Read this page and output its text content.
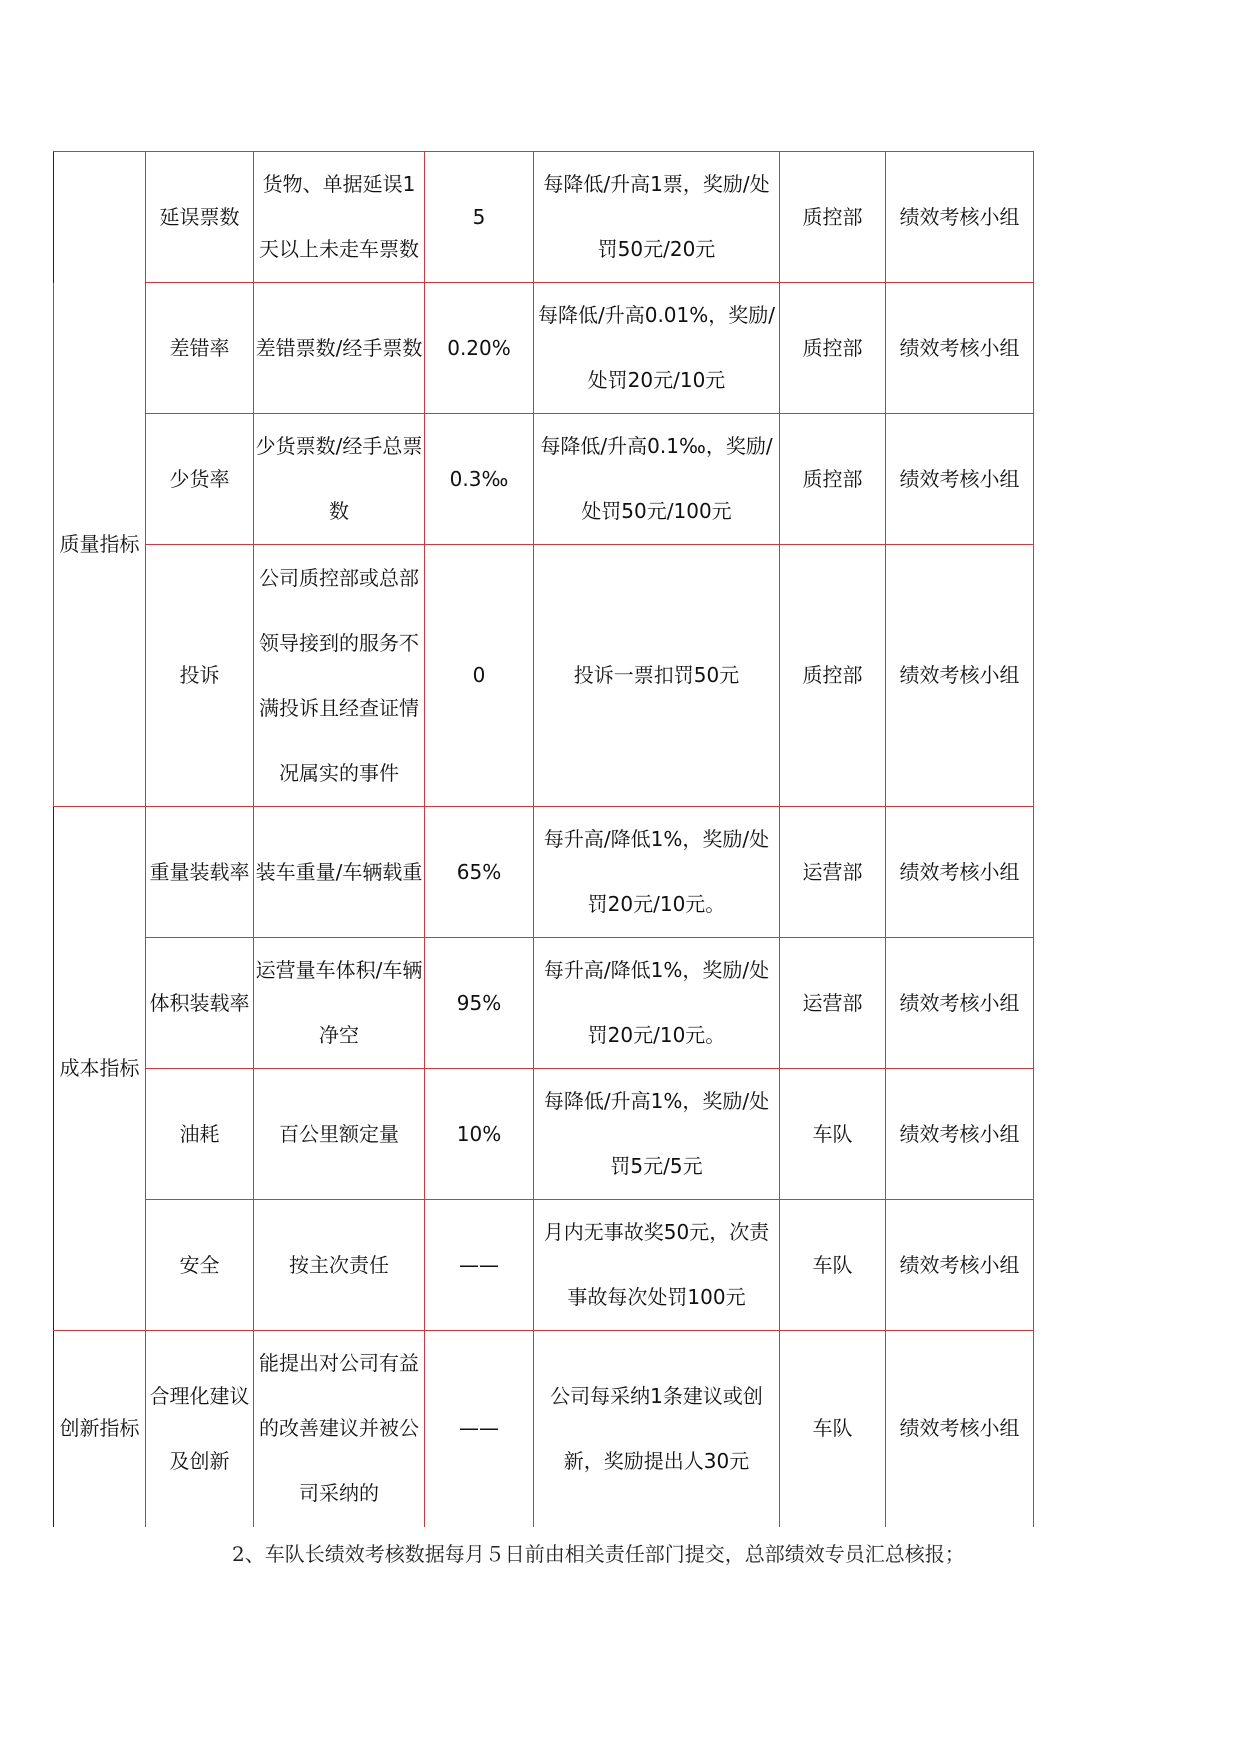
	延误票数	货物、单据延误1天以上未走车票数	5	每降低/升高1票，奖励/处罚50元/20元	质控部	绩效考核小组
质量指标	差错率	差错票数/经手票数	0.20%	每降低/升高0.01%，奖励/处罚20元/10元	质控部	绩效考核小组
	少货率	少货票数/经手总票数	0.3‰	每降低/升高0.1‰，奖励/处罚50元/100元	质控部	绩效考核小组
	投诉	公司质控部或总部领导接到的服务不满投诉且经查证情况属实的事件	0	投诉一票扣罚50元	质控部	绩效考核小组
成本指标	重量装载率	装车重量/车辆载重	65%	每升高/降低1%，奖励/处罚20元/10元。	运营部	绩效考核小组
	体积装载率	运营量车体积/车辆净空	95%	每升高/降低1%，奖励/处罚20元/10元。	运营部	绩效考核小组
	油耗	百公里额定量	10%	每降低/升高1%，奖励/处罚5元/5元	车队	绩效考核小组
	安全	按主次责任	——	月内无事故奖50元，次责事故每次处罚100元	车队	绩效考核小组
创新指标	合理化建议及创新	能提出对公司有益的改善建议并被公司采纳的	——	公司每采纳1条建议或创新，奖励提出人30元	车队	绩效考核小组
2、车队长绩效考核数据每月５日前由相关责任部门提交，总部绩效专员汇总核报；
